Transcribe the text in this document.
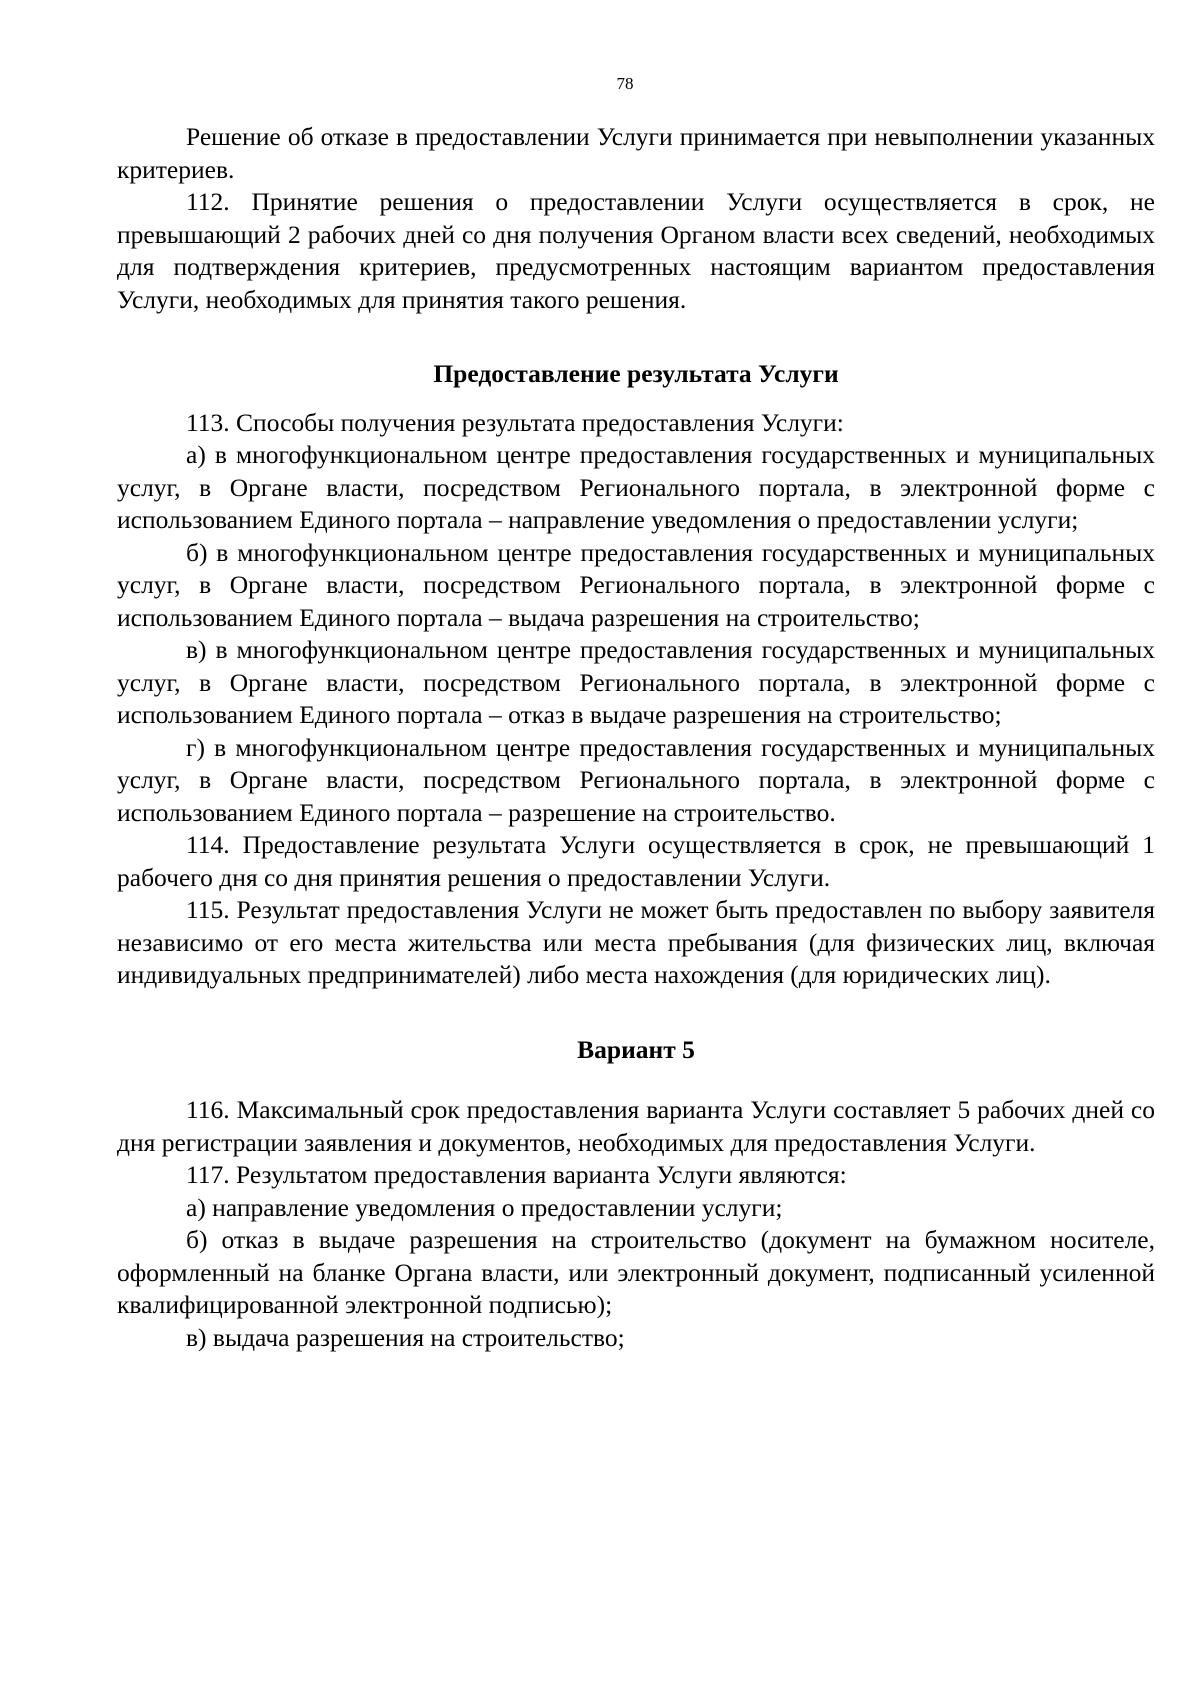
78

Решение об отказе в предоставлении Услуги принимается при невыполнении указанных критериев.

112. Принятие решения о предоставлении Услуги осуществляется в срок, не превышающий 2 рабочих дней со дня получения Органом власти всех сведений, необходимых для подтверждения критериев, предусмотренных настоящим вариантом предоставления Услуги, необходимых для принятия такого решения.

Предоставление результата Услуги

113. Способы получения результата предоставления Услуги:

а) в многофункциональном центре предоставления государственных и муниципальных услуг, в Органе власти, посредством Регионального портала, в электронной форме с использованием Единого портала – направление уведомления о предоставлении услуги;

б) в многофункциональном центре предоставления государственных и муниципальных услуг, в Органе власти, посредством Регионального портала, в электронной форме с использованием Единого портала – выдача разрешения на строительство;

в) в многофункциональном центре предоставления государственных и муниципальных услуг, в Органе власти, посредством Регионального портала, в электронной форме с использованием Единого портала – отказ в выдаче разрешения на строительство;

г) в многофункциональном центре предоставления государственных и муниципальных услуг, в Органе власти, посредством Регионального портала, в электронной форме с использованием Единого портала – разрешение на строительство.

114. Предоставление результата Услуги осуществляется в срок, не превышающий 1 рабочего дня со дня принятия решения о предоставлении Услуги.

115. Результат предоставления Услуги не может быть предоставлен по выбору заявителя независимо от его места жительства или места пребывания (для физических лиц, включая индивидуальных предпринимателей) либо места нахождения (для юридических лиц).

Вариант 5

116. Максимальный срок предоставления варианта Услуги составляет 5 рабочих дней со дня регистрации заявления и документов, необходимых для предоставления Услуги.

117. Результатом предоставления варианта Услуги являются:

а) направление уведомления о предоставлении услуги;

б) отказ в выдаче разрешения на строительство (документ на бумажном носителе, оформленный на бланке Органа власти, или электронный документ, подписанный усиленной квалифицированной электронной подписью);

в) выдача разрешения на строительство;
